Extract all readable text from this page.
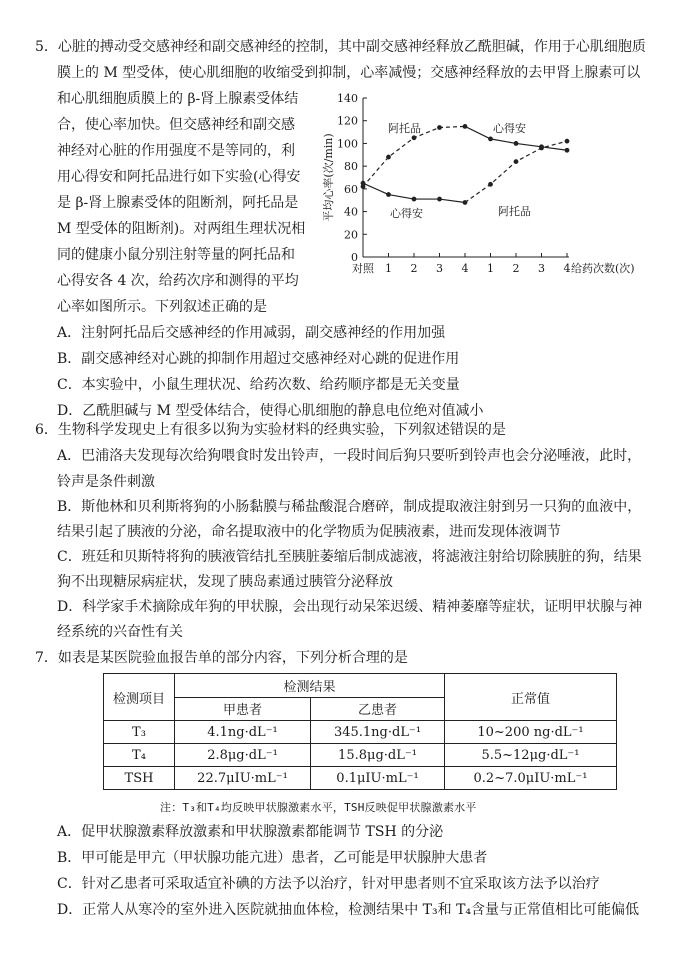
5．心脏的搏动受交感神经和副交感神经的控制，其中副交感神经释放乙酰胆碱，作用于心肌细胞质
膜上的 M 型受体，使心肌细胞的收缩受到抑制，心率减慢；交感神经释放的去甲肾上腺素可以
和心肌细胞质膜上的 β-肾上腺素受体结
合，使心率加快。但交感神经和副交感
神经对心脏的作用强度不是等同的，利
用心得安和阿托品进行如下实验(心得安
是 β-肾上腺素受体的阻断剂，阿托品是
M 型受体的阻断剂)。对两组生理状况相
同的健康小鼠分别注射等量的阿托品和
心得安各 4 次，给药次序和测得的平均
心率如图所示。下列叙述正确的是
A．注射阿托品后交感神经的作用减弱，副交感神经的作用加强
B．副交感神经对心跳的抑制作用超过交感神经对心跳的促进作用
C．本实验中，小鼠生理状况、给药次数、给药顺序都是无关变量
D．乙酰胆碱与 M 型受体结合，使得心肌细胞的静息电位绝对值减小
0
20
40
60
80
100
120
140
对照 1 2 3 4 1 2 3 4 给药次数(次)
平均心率(次/min)
阿托品	心得安
心得安	阿托品
6．生物科学发现史上有很多以狗为实验材料的经典实验，下列叙述错误的是
A．巴浦洛夫发现每次给狗喂食时发出铃声，一段时间后狗只要听到铃声也会分泌唾液，此时，
铃声是条件刺激
B．斯他林和贝利斯将狗的小肠黏膜与稀盐酸混合磨碎，制成提取液注射到另一只狗的血液中，
结果引起了胰液的分泌，命名提取液中的化学物质为促胰液素，进而发现体液调节
C．班廷和贝斯特将狗的胰液管结扎至胰脏萎缩后制成滤液，将滤液注射给切除胰脏的狗，结果
狗不出现糖尿病症状，发现了胰岛素通过胰管分泌释放
D．科学家手术摘除成年狗的甲状腺，会出现行动呆笨迟缓、精神萎靡等症状，证明甲状腺与神
经系统的兴奋性有关
7．如表是某医院验血报告单的部分内容，下列分析合理的是
检测项目	检测结果		正常值
	甲患者	乙患者	
T₃	4.1ng·dL⁻¹	345.1ng·dL⁻¹	10~200 ng·dL⁻¹
T₄	2.8μg·dL⁻¹	15.8μg·dL⁻¹	5.5~12μg·dL⁻¹
TSH	22.7μIU·mL⁻¹	0.1μIU·mL⁻¹	0.2~7.0μIU·mL⁻¹
注：T₃和T₄均反映甲状腺激素水平，TSH反映促甲状腺激素水平
A．促甲状腺激素释放激素和甲状腺激素都能调节 TSH 的分泌
B．甲可能是甲亢（甲状腺功能亢进）患者，乙可能是甲状腺肿大患者
C．针对乙患者可采取适宜补碘的方法予以治疗，针对甲患者则不宜采取该方法予以治疗
D．正常人从寒冷的室外进入医院就抽血体检，检测结果中 T₃和 T₄含量与正常值相比可能偏低
